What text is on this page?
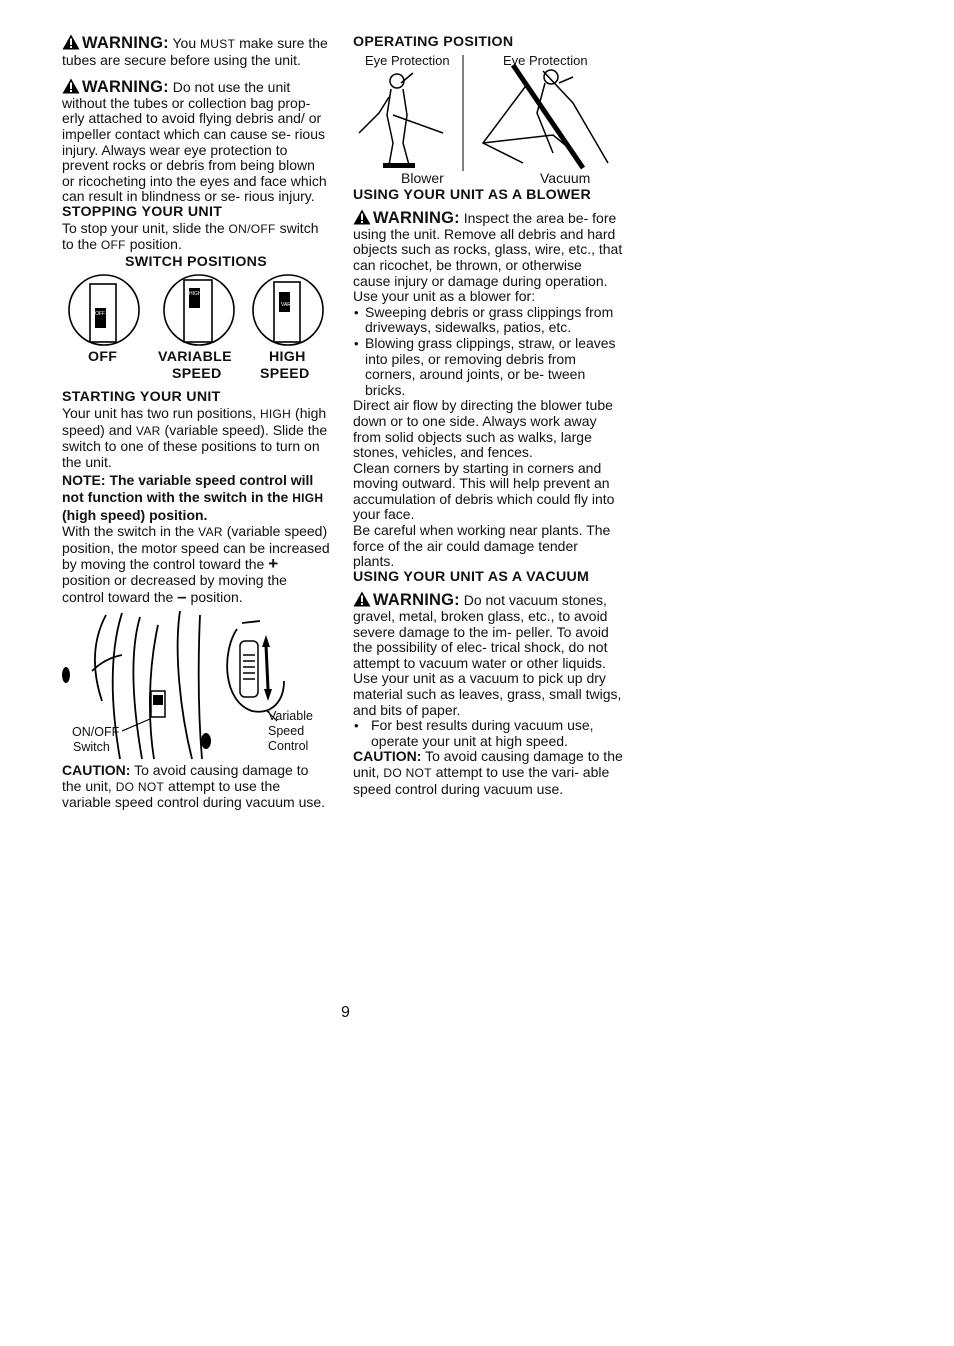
WARNING: You MUST make sure the tubes are secure before using the unit.

WARNING: Do not use the unit without the tubes or collection bag prop- erly attached to avoid flying debris and/ or impeller contact which can cause se- rious injury. Always wear eye protection to prevent rocks or debris from being blown or ricocheting into the eyes and face which can result in blindness or se- rious injury.

STOPPING YOUR UNIT

To stop your unit, slide the ON/OFF switch to the OFF position.

SWITCH POSITIONS

OFF
HIGH
VAR
OFF	VARIABLE
SPEED
HIGH
SPEED

STARTING YOUR UNIT

Your unit has two run positions, HIGH (high speed) and VAR (variable speed). Slide the switch to one of these positions to turn on the unit.

NOTE: The variable speed control will not function with the switch in the HIGH (high speed) position.

With the switch in the VAR (variable speed) position, the motor speed can be increased by moving the control toward the + position or decreased by moving the control toward the – position.

ON/OFF
Switch
Variable
Speed
Control

CAUTION: To avoid causing damage to the unit, DO NOT attempt to use the variable speed control during vacuum use.

OPERATING POSITION

Eye Protection	Eye Protection
Blower	Vacuum

USING YOUR UNIT AS A BLOWER

WARNING: Inspect the area be- fore using the unit. Remove all debris and hard objects such as rocks, glass, wire, etc., that can ricochet, be thrown, or otherwise cause injury or damage during operation.

Use your unit as a blower for:

• Sweeping debris or grass clippings from driveways, sidewalks, patios, etc.
• Blowing grass clippings, straw, or leaves into piles, or removing debris from corners, around joints, or be- tween bricks.

Direct air flow by directing the blower tube down or to one side. Always work away from solid objects such as walks, large stones, vehicles, and fences.

Clean corners by starting in corners and moving outward. This will help prevent an accumulation of debris which could fly into your face.

Be careful when working near plants. The force of the air could damage tender plants.

USING YOUR UNIT AS A VACUUM

WARNING: Do not vacuum stones, gravel, metal, broken glass, etc., to avoid severe damage to the im- peller. To avoid the possibility of elec- trical shock, do not attempt to vacuum water or other liquids.

Use your unit as a vacuum to pick up dry material such as leaves, grass, small twigs, and bits of paper.

• For best results during vacuum use, operate your unit at high speed.

CAUTION: To avoid causing damage to the unit, DO NOT attempt to use the vari- able speed control during vacuum use.

9
